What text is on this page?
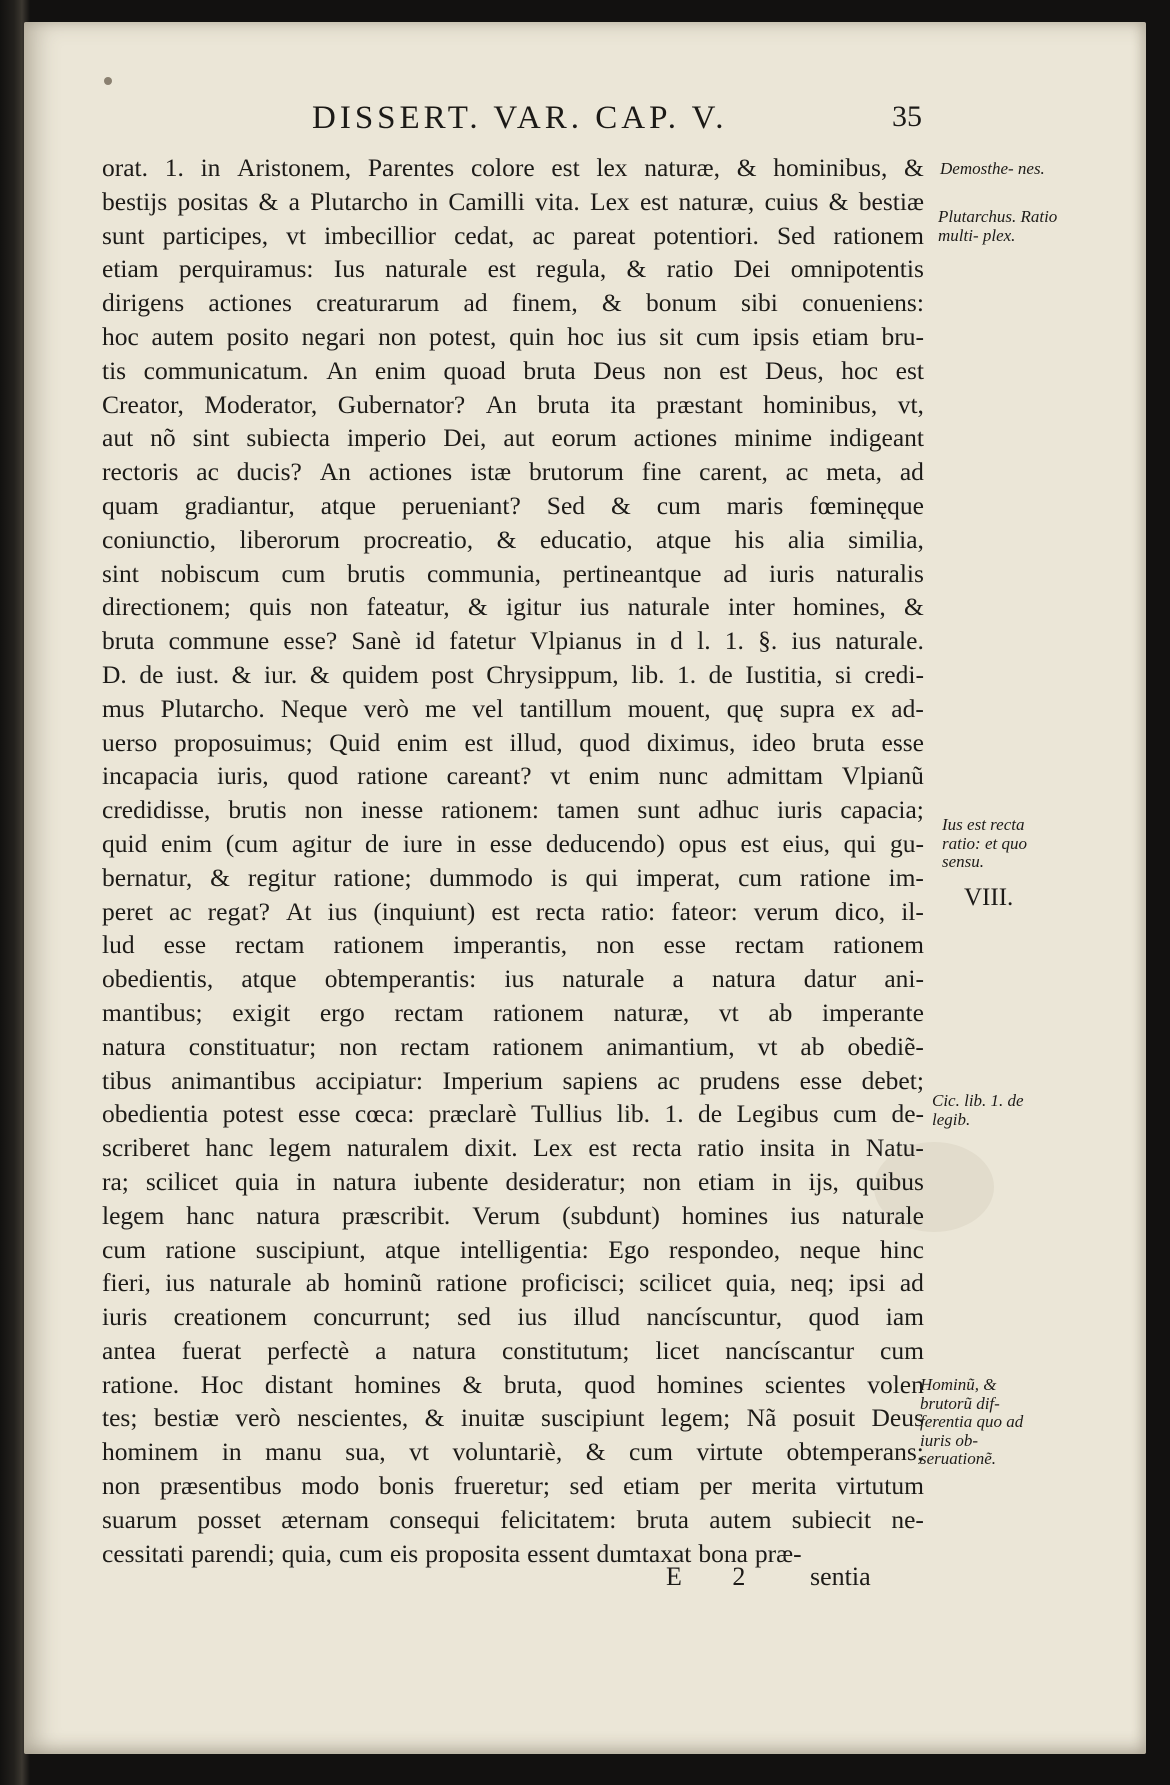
DISSERT. VAR. CAP. V.	35
orat. 1. in Aristonem, Parentes colore est lex naturæ, & hominibus, &
bestijs positas & a Plutarcho in Camilli vita. Lex est naturæ, cuius & bestiæ
sunt participes, vt imbecillior cedat, ac pareat potentiori. Sed rationem
etiam perquiramus: Ius naturale est regula, & ratio Dei omnipotentis
dirigens actiones creaturarum ad finem, & bonum sibi conueniens:
hoc autem posito negari non potest, quin hoc ius sit cum ipsis etiam bru-
tis communicatum. An enim quoad bruta Deus non est Deus, hoc est
Creator, Moderator, Gubernator? An bruta ita præstant hominibus, vt,
aut nõ sint subiecta imperio Dei, aut eorum actiones minime indigeant
rectoris ac ducis? An actiones istæ brutorum fine carent, ac meta, ad
quam gradiantur, atque perueniant? Sed & cum maris fœminęque
coniunctio, liberorum procreatio, & educatio, atque his alia similia,
sint nobiscum cum brutis communia, pertineantque ad iuris naturalis
directionem; quis non fateatur, & igitur ius naturale inter homines, &
bruta commune esse? Sanè id fatetur Vlpianus in d l. 1. §. ius naturale.
D. de iust. & iur. & quidem post Chrysippum, lib. 1. de Iustitia, si credi-
mus Plutarcho. Neque verò me vel tantillum mouent, quę supra ex ad-
uerso proposuimus; Quid enim est illud, quod diximus, ideo bruta esse
incapacia iuris, quod ratione careant? vt enim nunc admittam Vlpianũ
credidisse, brutis non inesse rationem: tamen sunt adhuc iuris capacia;
quid enim (cum agitur de iure in esse deducendo) opus est eius, qui gu-
bernatur, & regitur ratione; dummodo is qui imperat, cum ratione im-
peret ac regat? At ius (inquiunt) est recta ratio: fateor: verum dico, il-
lud esse rectam rationem imperantis, non esse rectam rationem
obedientis, atque obtemperantis: ius naturale a natura datur ani-
mantibus; exigit ergo rectam rationem naturæ, vt ab imperante
natura constituatur; non rectam rationem animantium, vt ab obediẽ-
tibus animantibus accipiatur: Imperium sapiens ac prudens esse debet;
obedientia potest esse cœca: præclarè Tullius lib. 1. de Legibus cum de-
scriberet hanc legem naturalem dixit. Lex est recta ratio insita in Natu-
ra; scilicet quia in natura iubente desideratur; non etiam in ijs, quibus
legem hanc natura præscribit. Verum (subdunt) homines ius naturale
cum ratione suscipiunt, atque intelligentia: Ego respondeo, neque hinc
fieri, ius naturale ab hominũ ratione proficisci; scilicet quia, neq; ipsi ad
iuris creationem concurrunt; sed ius illud nancíscuntur, quod iam
antea fuerat perfectè a natura constitutum; licet nancíscantur cum
ratione. Hoc distant homines & bruta, quod homines scientes volen
tes; bestiæ verò nescientes, & inuitæ suscipiunt legem; Nã posuit Deus
hominem in manu sua, vt voluntariè, & cum virtute obtemperans;
non præsentibus modo bonis frueretur; sed etiam per merita virtutum
suarum posset æternam consequi felicitatem: bruta autem subiecit ne-
cessitati parendi; quia, cum eis proposita essent dumtaxat bona præ-
Demosthe- nes.
Plutarchus. Ratio multi- plex.
Ius est recta ratio: et quo sensu.
VIII.
Cic. lib. 1. de legib.
Hominũ, & brutorũ dif- ferentia quo ad iuris ob- seruationẽ.
E 2 sentia
